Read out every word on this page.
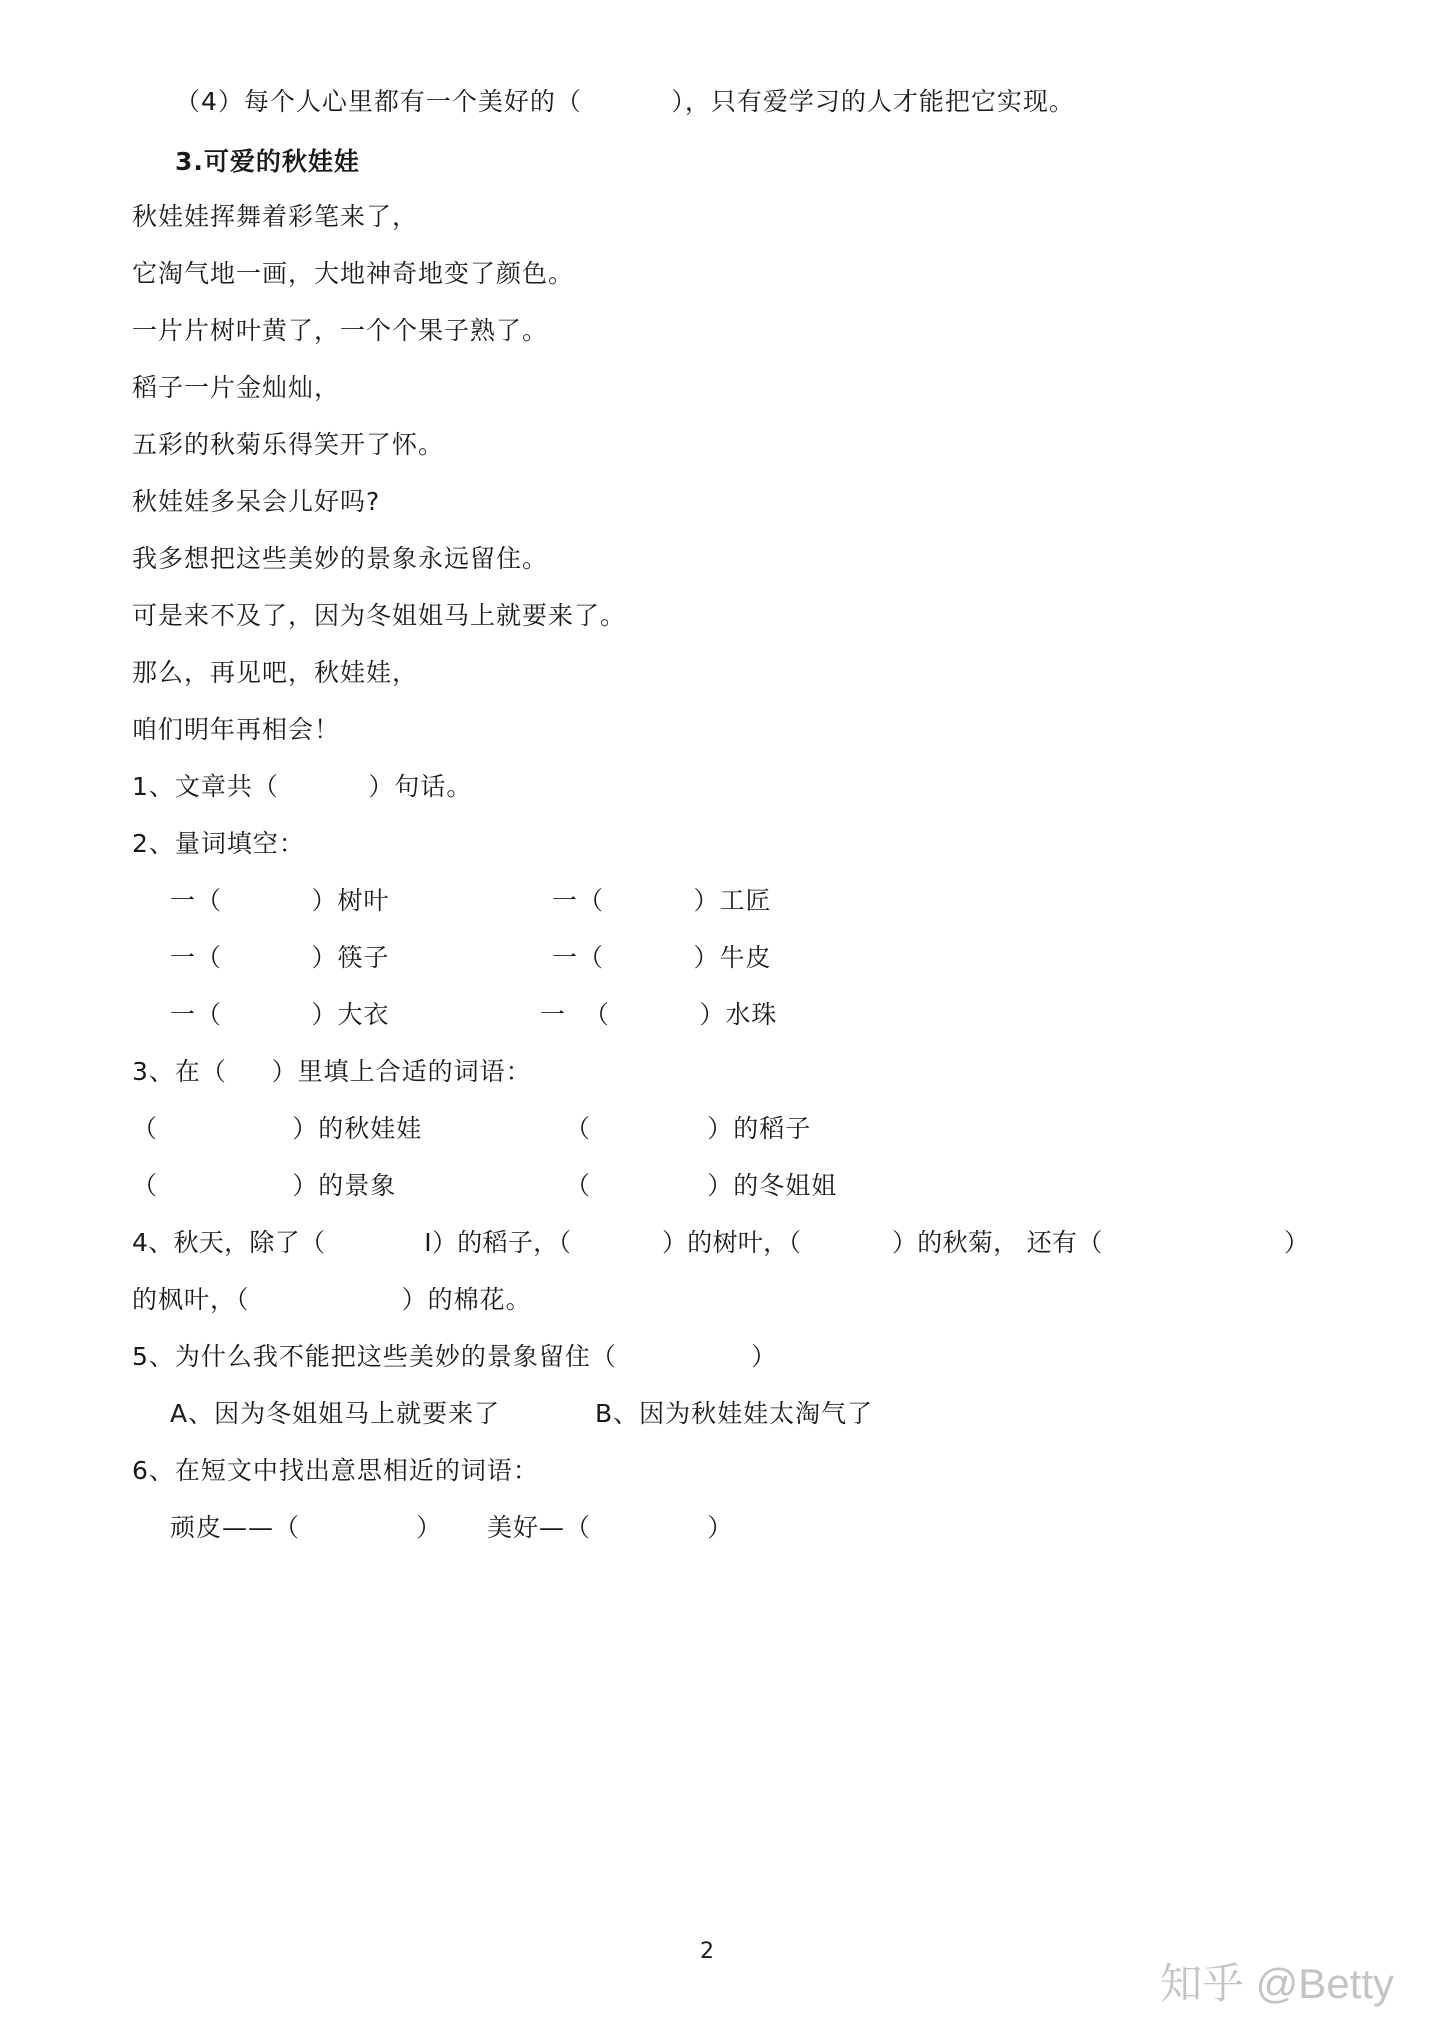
（4）每个人心里都有一个美好的（          ），只有爱学习的人才能把它实现。
3.可爱的秋娃娃
秋娃娃挥舞着彩笔来了，
它淘气地一画，大地神奇地变了颜色。
一片片树叶黄了，一个个果子熟了。
稻子一片金灿灿，
五彩的秋菊乐得笑开了怀。
秋娃娃多呆会儿好吗?
我多想把这些美妙的景象永远留住。
可是来不及了，因为冬姐姐马上就要来了。
那么，再见吧，秋娃娃，
咱们明年再相会！
1、文章共（          ）句话。
2、量词填空：
一（          ）树叶	一（          ）工匠
一（          ）筷子	一（          ）牛皮
一（          ）大衣	一  （          ）水珠
3、在（     ）里填上合适的词语：
（               ）的秋娃娃	（             ）的稻子
（               ）的景象	（             ）的冬姐姐
4、秋天，除了（            I）的稻子，（           ）的树叶，（           ）的秋菊， 还有（                      ）
的枫叶，（                 ）的棉花。
5、为什么我不能把这些美妙的景象留住（               ）
A、因为冬姐姐马上就要来了	B、因为秋娃娃太淘气了
6、在短文中找出意思相近的词语：
顽皮——（             ）     美好—（             ）
2
知乎 @Betty
